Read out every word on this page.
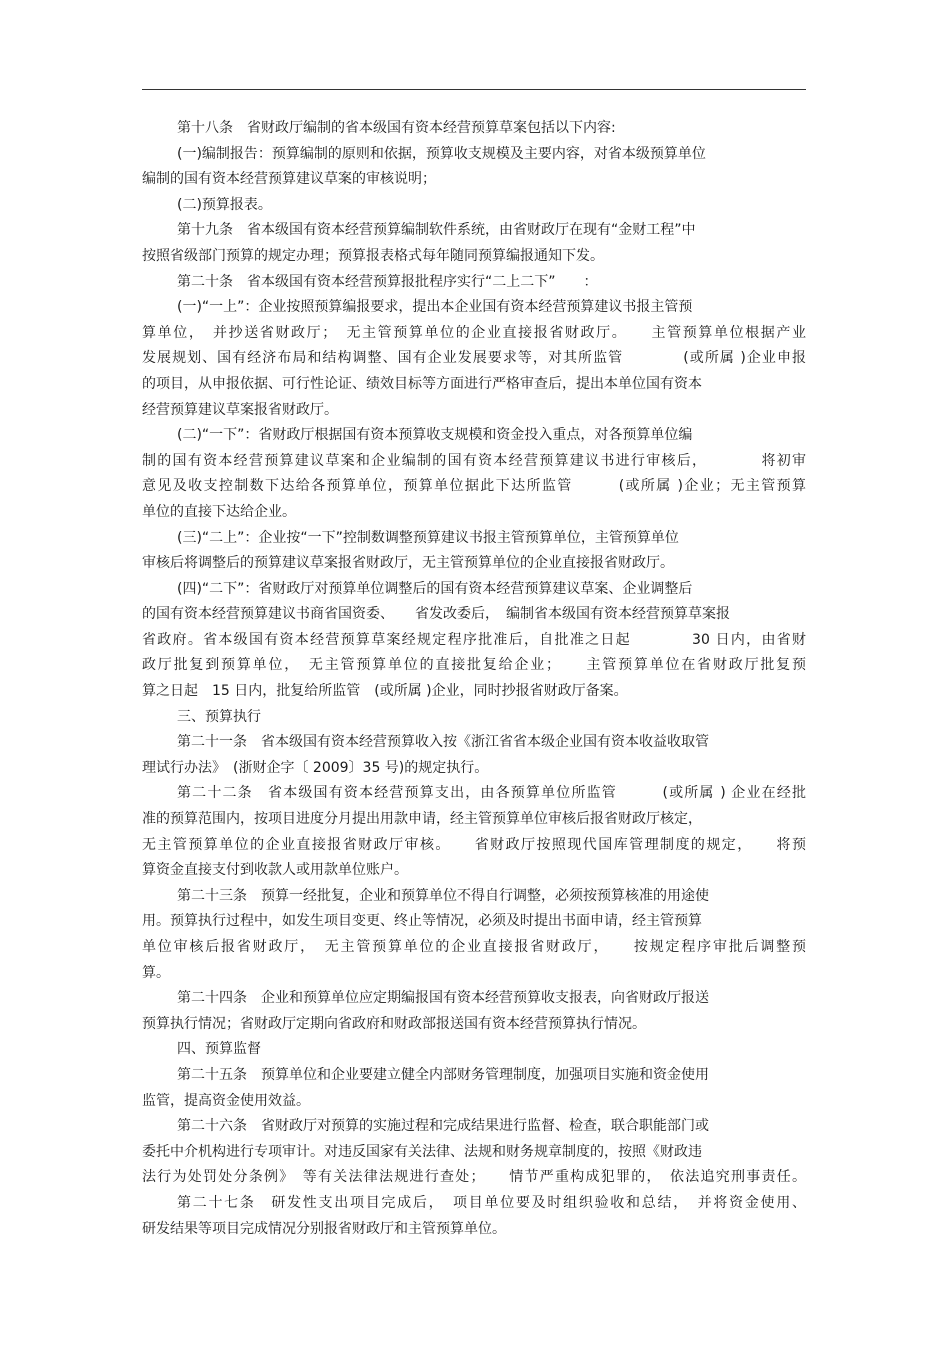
第十八条　省财政厅编制的省本级国有资本经营预算草案包括以下内容:

(一)编制报告：预算编制的原则和依据，预算收支规模及主要内容，对省本级预算单位

编制的国有资本经营预算建议草案的审核说明；

(二)预算报表。

第十九条　省本级国有资本经营预算编制软件系统，由省财政厅在现有“金财工程”中

按照省级部门预算的规定办理；预算报表格式每年随同预算编报通知下发。

第二十条　省本级国有资本经营预算报批程序实行“二上二下”　　：

(一)“一上”：企业按照预算编报要求，提出本企业国有资本经营预算建议书报主管预

算单位，　并抄送省财政厅；　无主管预算单位的企业直接报省财政厅。　　主管预算单位根据产业

发展规划、国有经济布局和结构调整、国有企业发展要求等，对其所监管　　　　(或所属 )企业申报

的项目，从申报依据、可行性论证、绩效目标等方面进行严格审查后，提出本单位国有资本

经营预算建议草案报省财政厅。

(二)“一下”：省财政厅根据国有资本预算收支规模和资金投入重点，对各预算单位编

制的国有资本经营预算建议草案和企业编制的国有资本经营预算建议书进行审核后，　　　　将初审

意见及收支控制数下达给各预算单位，预算单位据此下达所监管　　　(或所属 )企业；无主管预算

单位的直接下达给企业。

(三)“二上”：企业按“一下”控制数调整预算建议书报主管预算单位，主管预算单位

审核后将调整后的预算建议草案报省财政厅，无主管预算单位的企业直接报省财政厅。

(四)“二下”：省财政厅对预算单位调整后的国有资本经营预算建议草案、企业调整后

的国有资本经营预算建议书商省国资委、　　省发改委后，　编制省本级国有资本经营预算草案报

省政府。省本级国有资本经营预算草案经规定程序批准后，自批准之日起　　　　30 日内，由省财

政厅批复到预算单位，　无主管预算单位的直接批复给企业；　　主管预算单位在省财政厅批复预

算之日起　15 日内，批复给所监管　(或所属 )企业，同时抄报省财政厅备案。

三、预算执行

第二十一条　省本级国有资本经营预算收入按《浙江省省本级企业国有资本收益收取管

理试行办法》　(浙财企字〔 2009〕35 号)的规定执行。

第二十二条　省本级国有资本经营预算支出，由各预算单位所监管　　　(或所属 ) 企业在经批

准的预算范围内，按项目进度分月提出用款申请，经主管预算单位审核后报省财政厅核定，

无主管预算单位的企业直接报省财政厅审核。　　省财政厅按照现代国库管理制度的规定，　　将预

算资金直接支付到收款人或用款单位账户。

第二十三条　预算一经批复，企业和预算单位不得自行调整，必须按预算核准的用途使

用。预算执行过程中，如发生项目变更、终止等情况，必须及时提出书面申请，经主管预算

单位审核后报省财政厅，　无主管预算单位的企业直接报省财政厅，　　按规定程序审批后调整预

算。

第二十四条　企业和预算单位应定期编报国有资本经营预算收支报表，向省财政厅报送

预算执行情况；省财政厅定期向省政府和财政部报送国有资本经营预算执行情况。

四、预算监督

第二十五条　预算单位和企业要建立健全内部财务管理制度，加强项目实施和资金使用

监管，提高资金使用效益。

第二十六条　省财政厅对预算的实施过程和完成结果进行监督、检查，联合职能部门或

委托中介机构进行专项审计。对违反国家有关法律、法规和财务规章制度的，按照《财政违

法行为处罚处分条例》　等有关法律法规进行查处；　　情节严重构成犯罪的，　依法追究刑事责任。

第二十七条　研发性支出项目完成后，　项目单位要及时组织验收和总结，　并将资金使用、

研发结果等项目完成情况分别报省财政厅和主管预算单位。
